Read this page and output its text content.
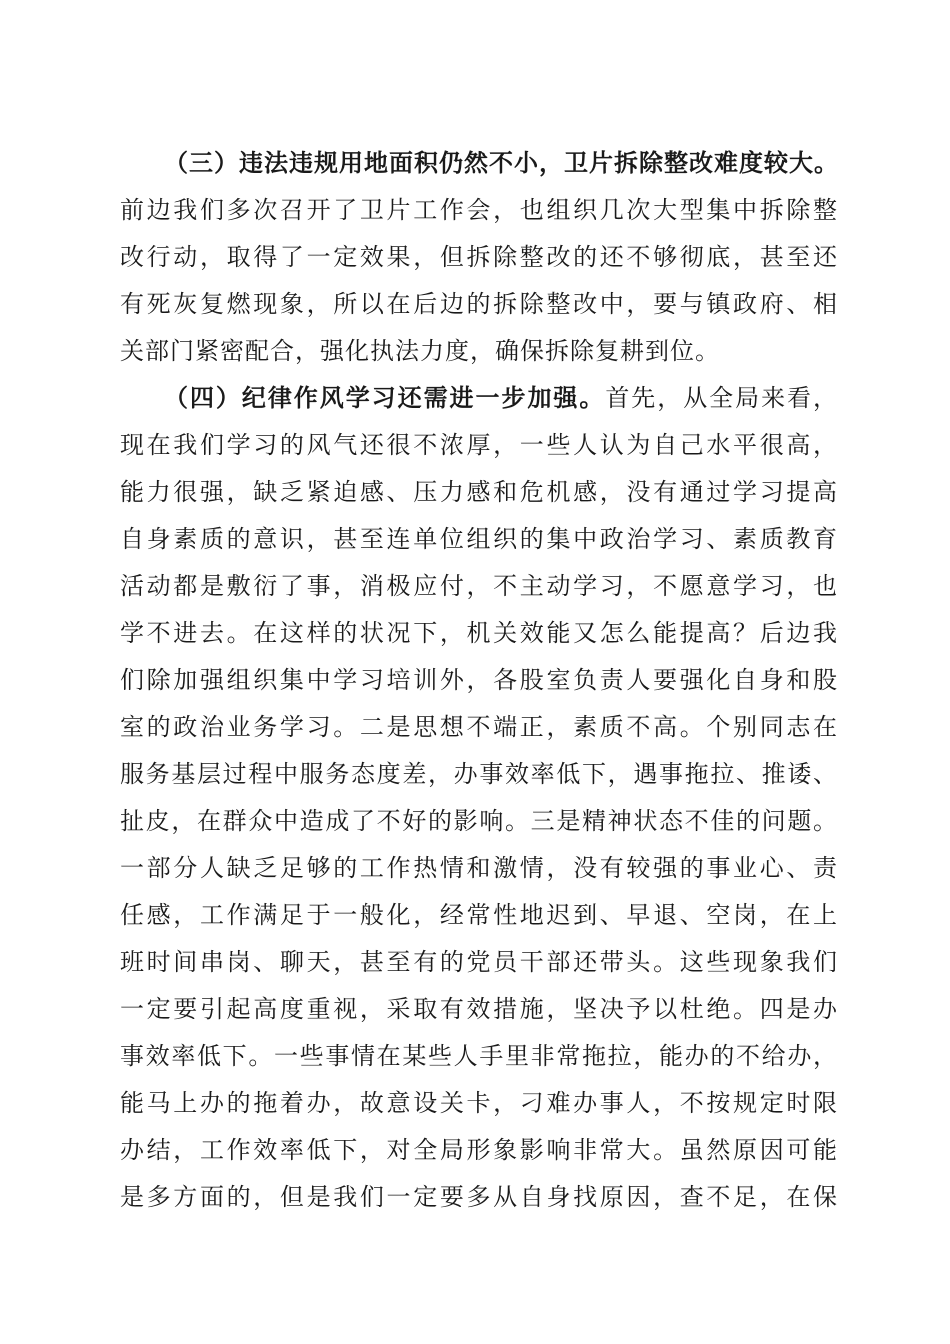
（三）违法违规用地面积仍然不小，卫片拆除整改难度较大。
前边我们多次召开了卫片工作会，也组织几次大型集中拆除整
改行动，取得了一定效果，但拆除整改的还不够彻底，甚至还
有死灰复燃现象，所以在后边的拆除整改中，要与镇政府、相
关部门紧密配合，强化执法力度，确保拆除复耕到位。
（四）纪律作风学习还需进一步加强。首先，从全局来看，
现在我们学习的风气还很不浓厚，一些人认为自己水平很高，
能力很强，缺乏紧迫感、压力感和危机感，没有通过学习提高
自身素质的意识，甚至连单位组织的集中政治学习、素质教育
活动都是敷衍了事，消极应付，不主动学习，不愿意学习，也
学不进去。在这样的状况下，机关效能又怎么能提高？后边我
们除加强组织集中学习培训外，各股室负责人要强化自身和股
室的政治业务学习。二是思想不端正，素质不高。个别同志在
服务基层过程中服务态度差，办事效率低下，遇事拖拉、推诿、
扯皮，在群众中造成了不好的影响。三是精神状态不佳的问题。
一部分人缺乏足够的工作热情和激情，没有较强的事业心、责
任感，工作满足于一般化，经常性地迟到、早退、空岗，在上
班时间串岗、聊天，甚至有的党员干部还带头。这些现象我们
一定要引起高度重视，采取有效措施，坚决予以杜绝。四是办
事效率低下。一些事情在某些人手里非常拖拉，能办的不给办，
能马上办的拖着办，故意设关卡，刁难办事人，不按规定时限
办结，工作效率低下，对全局形象影响非常大。虽然原因可能
是多方面的，但是我们一定要多从自身找原因，查不足，在保
